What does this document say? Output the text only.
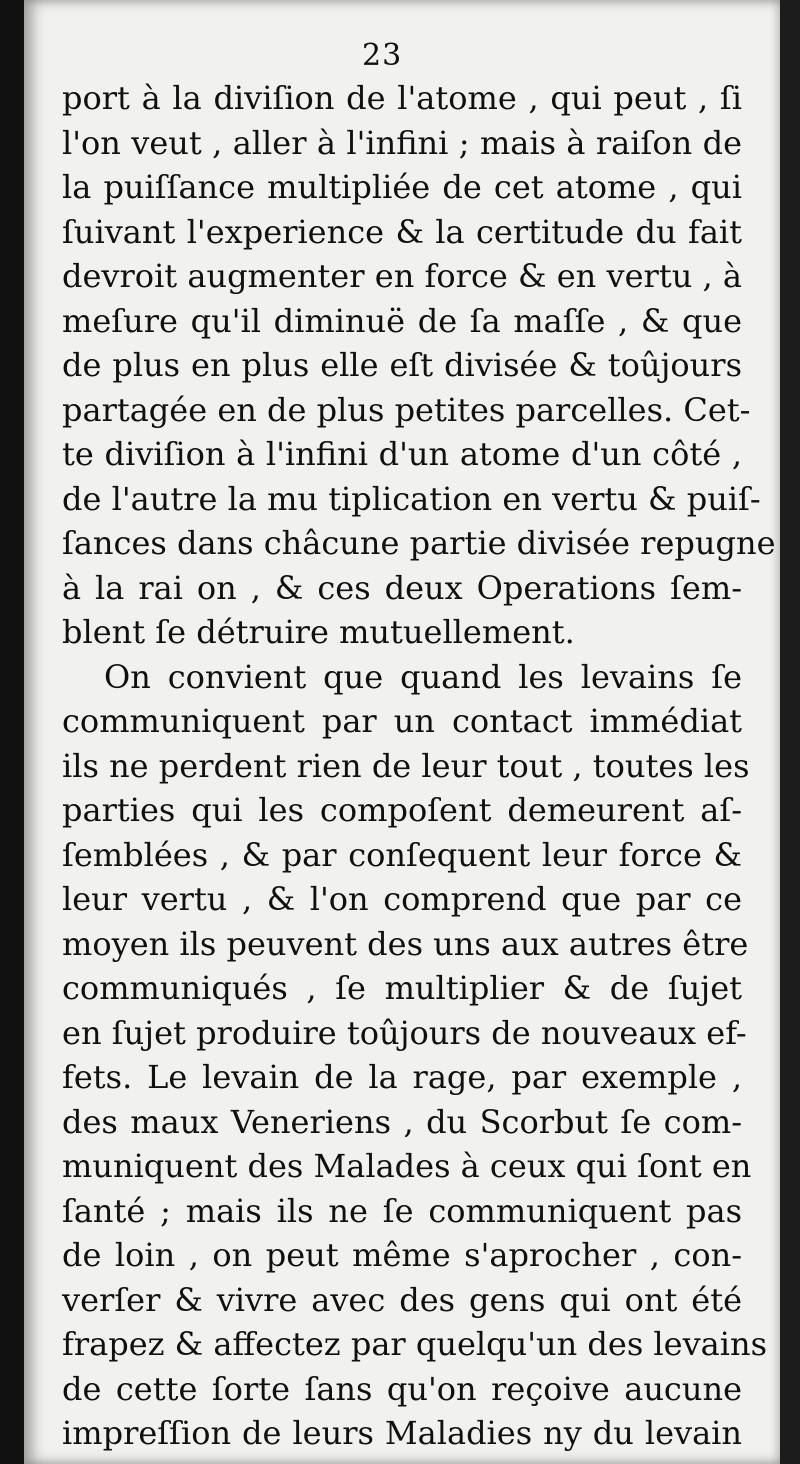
23
port à la diviſion de l'atome , qui peut , ſi
l'on veut , aller à l'infini ; mais à raiſon de
la puiſſance multipliée de cet atome , qui
ſuivant l'experience & la certitude du fait
devroit augmenter en force & en vertu , à
meſure qu'il diminuë de ſa maſſe , & que
de plus en plus elle eſt divisée & toûjours
partagée en de plus petites parcelles. Cet-
te diviſion à l'infini d'un atome d'un côté ,
de l'autre la mu tiplication en vertu & puiſ-
ſances dans châcune partie divisée repugne
à la rai on , & ces deux Operations ſem-
blent ſe détruire mutuellement.
On convient que quand les levains ſe
communiquent par un contact immédiat
ils ne perdent rien de leur tout , toutes les
parties qui les compoſent demeurent aſ-
ſemblées , & par conſequent leur force &
leur vertu , & l'on comprend que par ce
moyen ils peuvent des uns aux autres être
communiqués , ſe multiplier & de ſujet
en ſujet produire toûjours de nouveaux ef-
fets. Le levain de la rage, par exemple ,
des maux Veneriens , du Scorbut ſe com-
muniquent des Malades à ceux qui ſont en
ſanté ; mais ils ne ſe communiquent pas
de loin , on peut même s'aprocher , con-
verſer & vivre avec des gens qui ont été
frapez & affectez par quelqu'un des levains
de cette ſorte ſans qu'on reçoive aucune
impreſſion de leurs Maladies ny du levain
